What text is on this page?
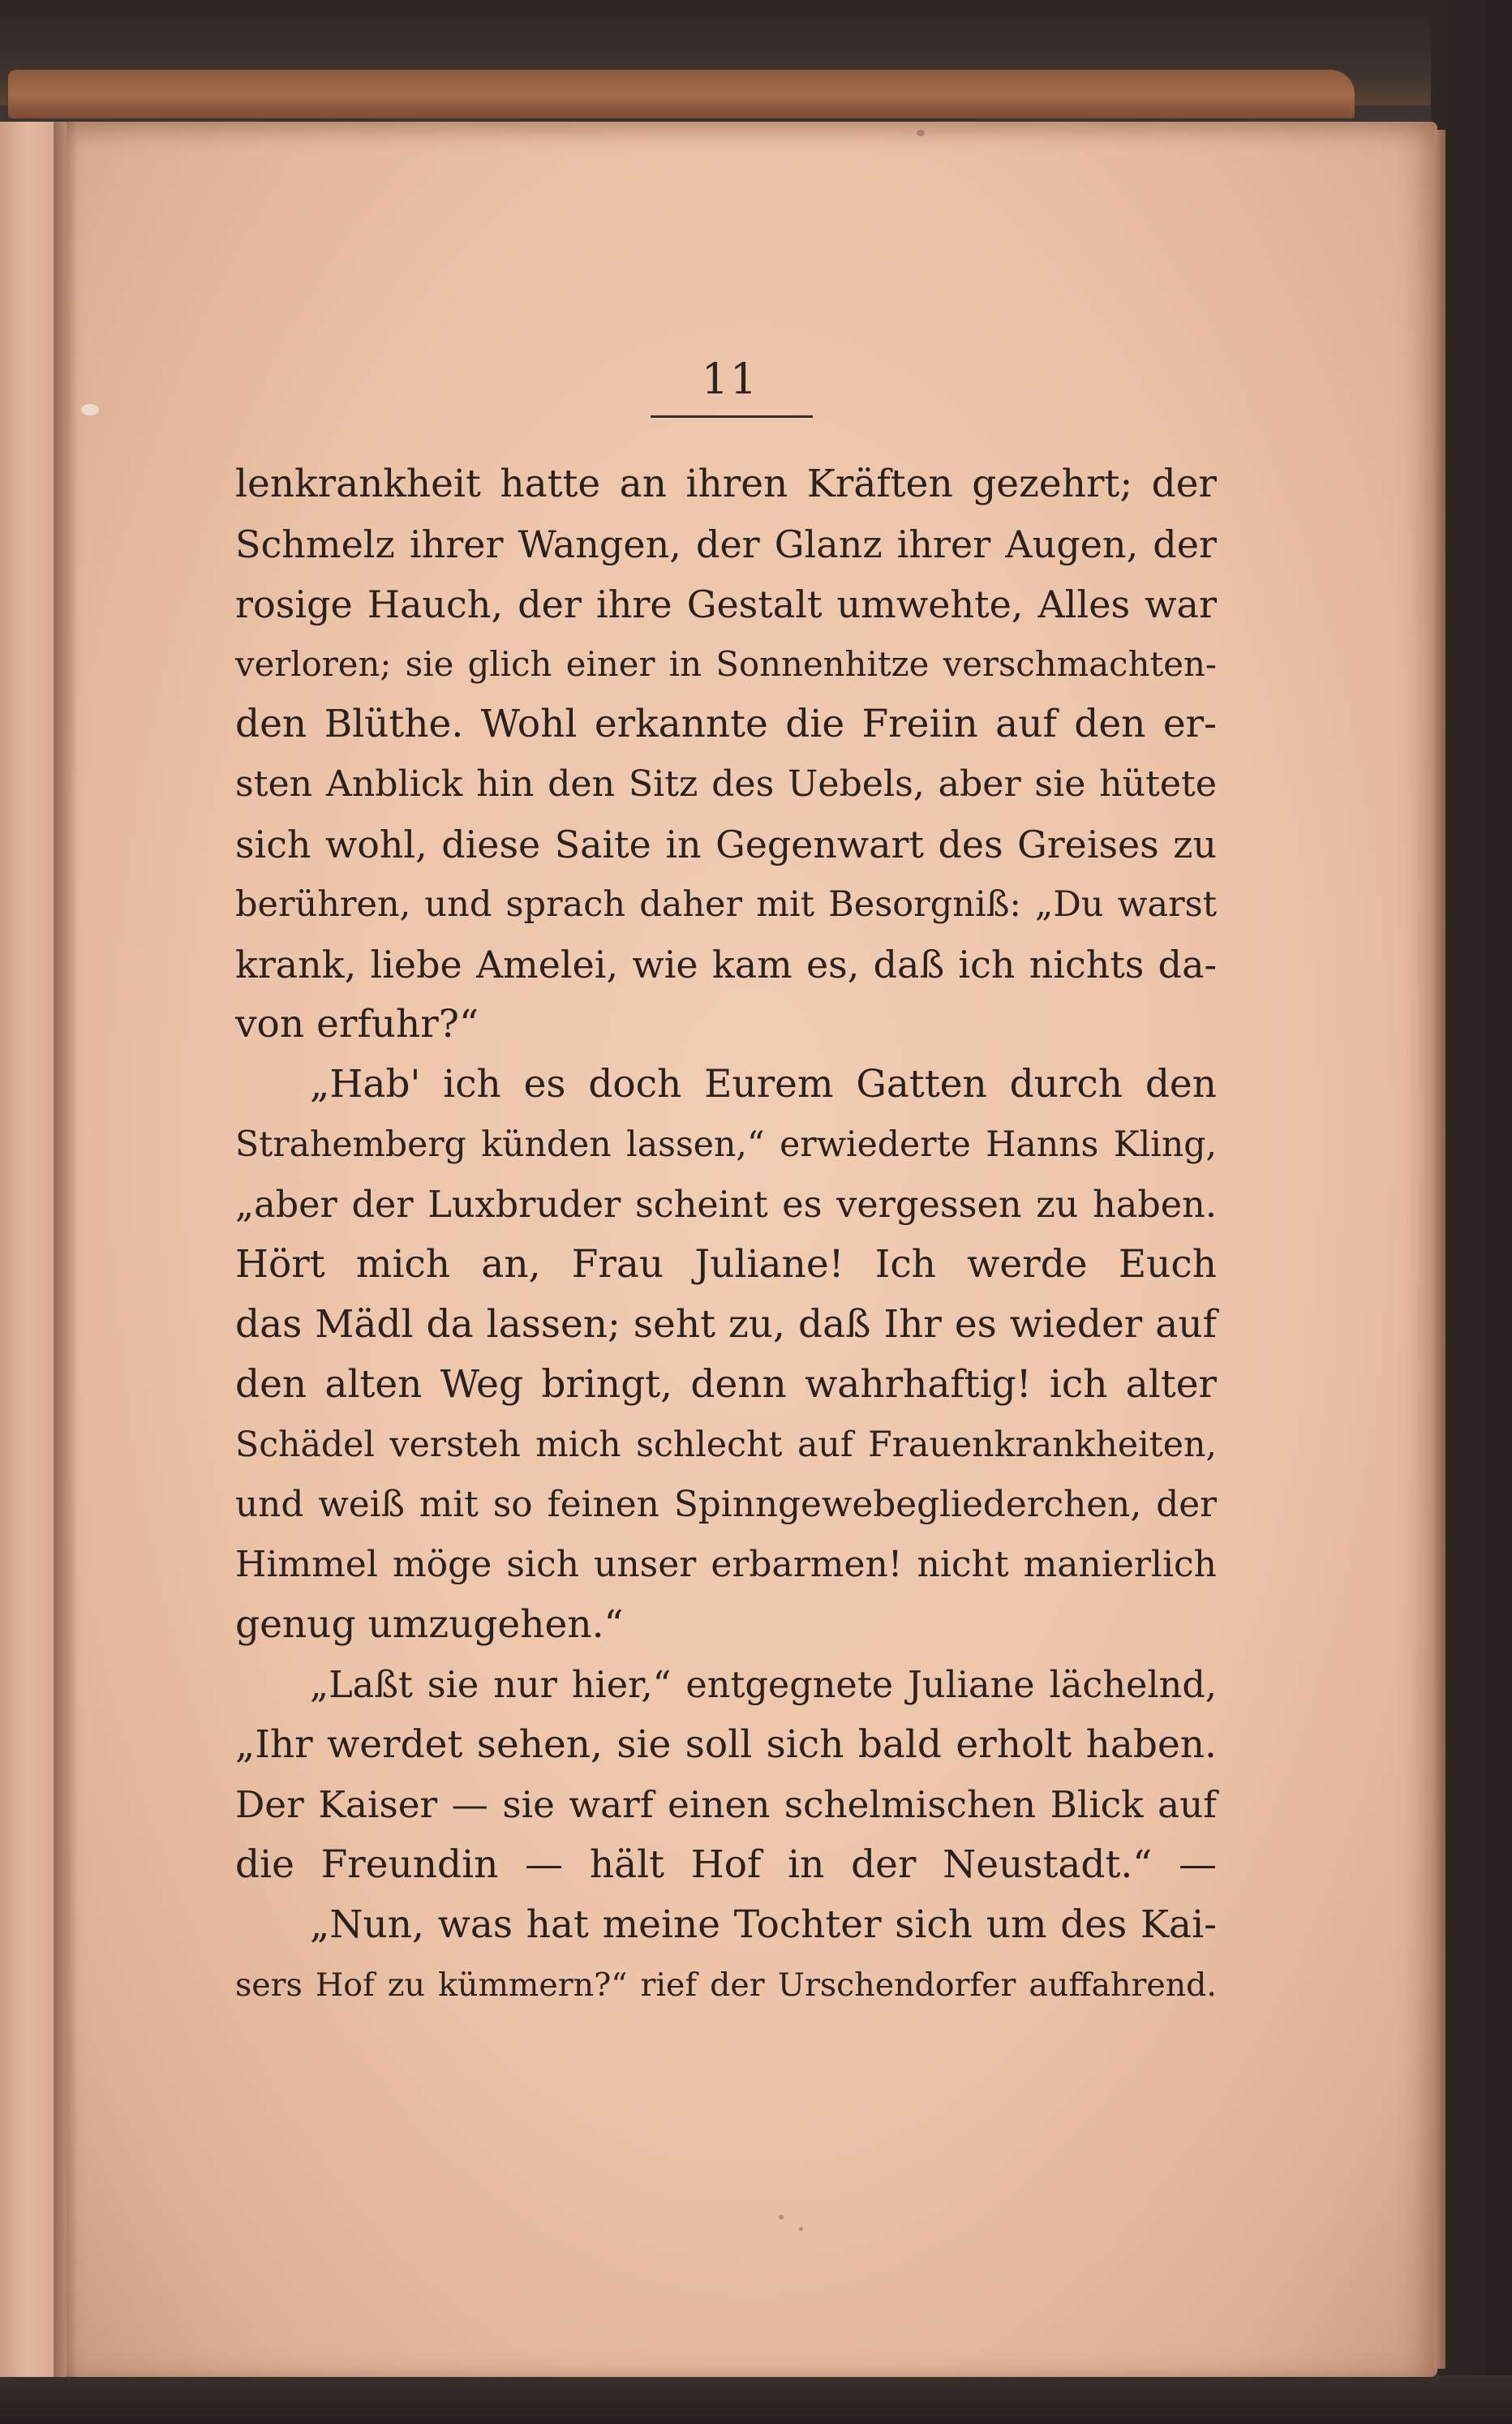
11
lenkrankheit hatte an ihren Kräften gezehrt; der
Schmelz ihrer Wangen, der Glanz ihrer Augen, der
rosige Hauch, der ihre Gestalt umwehte, Alles war
verloren; sie glich einer in Sonnenhitze verschmachten-
den Blüthe. Wohl erkannte die Freiin auf den er-
sten Anblick hin den Sitz des Uebels, aber sie hütete
sich wohl, diese Saite in Gegenwart des Greises zu
berühren, und sprach daher mit Besorgniß: „Du warst
krank, liebe Amelei, wie kam es, daß ich nichts da-
von erfuhr?“
„Hab' ich es doch Eurem Gatten durch den
Strahemberg künden lassen,“ erwiederte Hanns Kling,
„aber der Luxbruder scheint es vergessen zu haben.
Hört mich an, Frau Juliane! Ich werde Euch
das Mädl da lassen; seht zu, daß Ihr es wieder auf
den alten Weg bringt, denn wahrhaftig! ich alter
Schädel versteh mich schlecht auf Frauenkrankheiten,
und weiß mit so feinen Spinngewebegliederchen, der
Himmel möge sich unser erbarmen! nicht manierlich
genug umzugehen.“
„Laßt sie nur hier,“ entgegnete Juliane lächelnd,
„Ihr werdet sehen, sie soll sich bald erholt haben.
Der Kaiser — sie warf einen schelmischen Blick auf
die Freundin — hält Hof in der Neustadt.“ —
„Nun, was hat meine Tochter sich um des Kai-
sers Hof zu kümmern?“ rief der Urschendorfer auffahrend.
